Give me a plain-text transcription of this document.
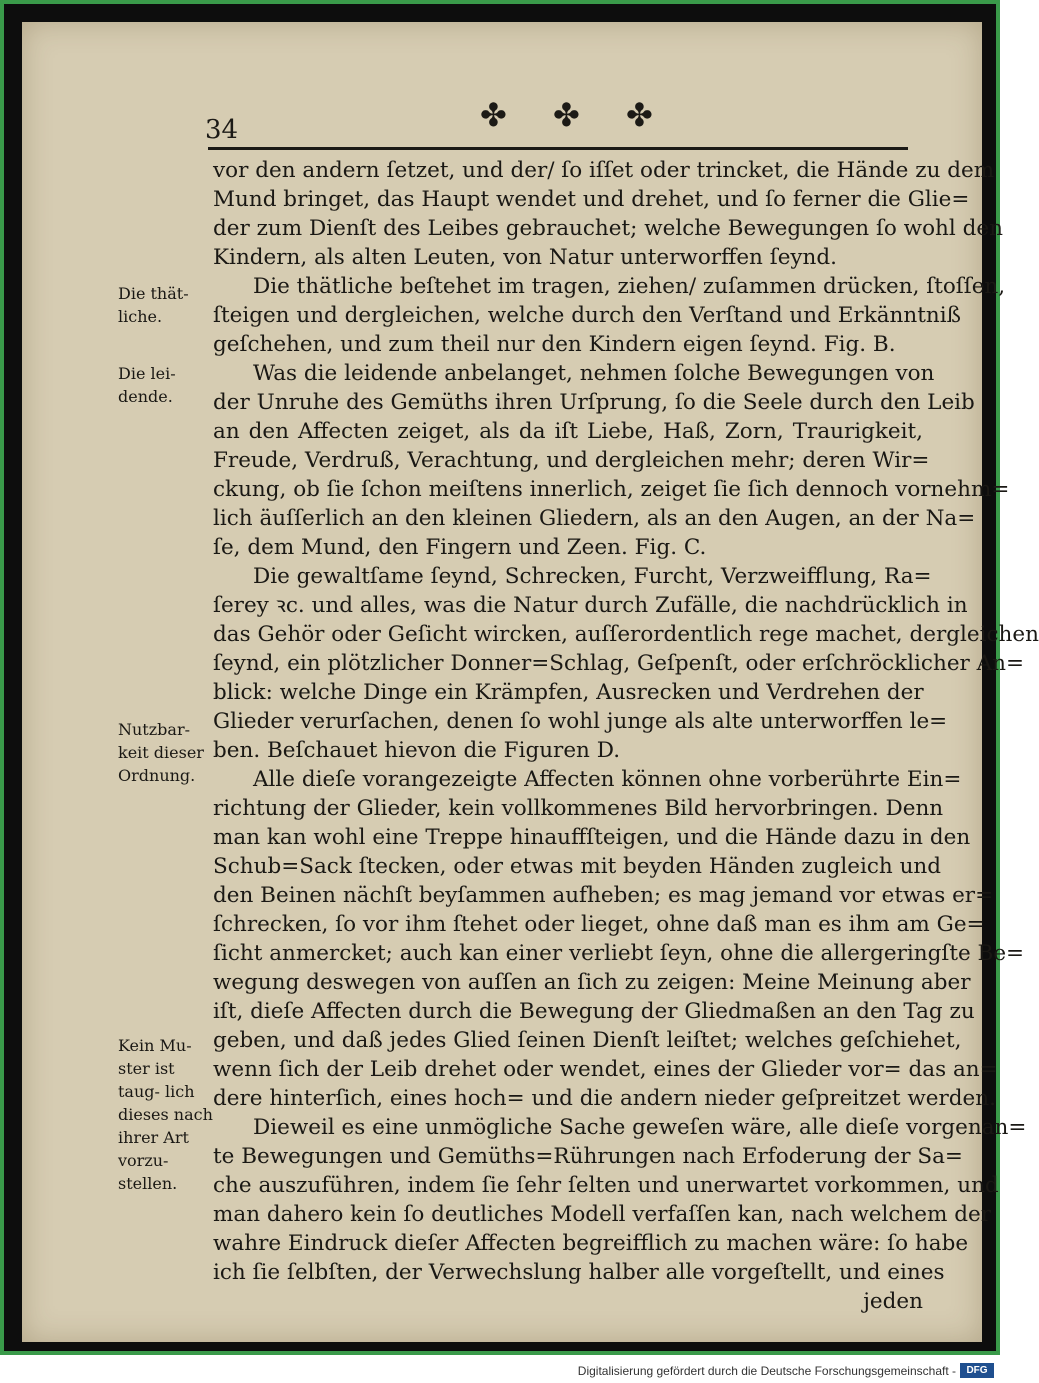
34	✤ ✤ ✤
vor den andern ſetzet, und der/ ſo iſſet oder trincket, die Hände zu dem
Mund bringet, das Haupt wendet und drehet, und ſo ferner die Glie=
der zum Dienſt des Leibes gebrauchet; welche Bewegungen ſo wohl den
Kindern, als alten Leuten, von Natur unterworffen ſeynd.
Die thätliche beſtehet im tragen, ziehen/ zuſammen drücken, ſtoſſen,
ſteigen und dergleichen, welche durch den Verſtand und Erkänntniß
geſchehen, und zum theil nur den Kindern eigen ſeynd. Fig. B.
Was die leidende anbelanget, nehmen ſolche Bewegungen von
der Unruhe des Gemüths ihren Urſprung, ſo die Seele durch den Leib
an den Affecten zeiget, als da iſt Liebe, Haß, Zorn, Traurigkeit,
Freude, Verdruß, Verachtung, und dergleichen mehr; deren Wir=
ckung, ob ſie ſchon meiſtens innerlich, zeiget ſie ſich dennoch vornehm=
lich äuſſerlich an den kleinen Gliedern, als an den Augen, an der Na=
ſe, dem Mund, den Fingern und Zeen. Fig. C.
Die gewaltſame ſeynd, Schrecken, Furcht, Verzweifflung, Ra=
ſerey ꝛc. und alles, was die Natur durch Zufälle, die nachdrücklich in
das Gehör oder Geſicht wircken, auſſerordentlich rege machet, dergleichen
ſeynd, ein plötzlicher Donner=Schlag, Geſpenſt, oder erſchröcklicher An=
blick: welche Dinge ein Krämpfen, Ausrecken und Verdrehen der
Glieder verurſachen, denen ſo wohl junge als alte unterworffen le=
ben. Beſchauet hievon die Figuren D.
Alle dieſe vorangezeigte Affecten können ohne vorberührte Ein=
richtung der Glieder, kein vollkommenes Bild hervorbringen. Denn
man kan wohl eine Treppe hinauffſteigen, und die Hände dazu in den
Schub=Sack ſtecken, oder etwas mit beyden Händen zugleich und
den Beinen nächſt beyſammen aufheben; es mag jemand vor etwas er=
ſchrecken, ſo vor ihm ſtehet oder lieget, ohne daß man es ihm am Ge=
ſicht anmercket; auch kan einer verliebt ſeyn, ohne die allergeringſte Be=
wegung deswegen von auſſen an ſich zu zeigen: Meine Meinung aber
iſt, dieſe Affecten durch die Bewegung der Gliedmaßen an den Tag zu
geben, und daß jedes Glied ſeinen Dienſt leiſtet; welches geſchiehet,
wenn ſich der Leib drehet oder wendet, eines der Glieder vor= das an=
dere hinterſich, eines hoch= und die andern nieder geſpreitzet werden.
Dieweil es eine unmögliche Sache geweſen wäre, alle dieſe vorgenan=
te Bewegungen und Gemüths=Rührungen nach Erfoderung der Sa=
che auszuführen, indem ſie ſehr ſelten und unerwartet vorkommen, und
man dahero kein ſo deutliches Modell verfaſſen kan, nach welchem der
wahre Eindruck dieſer Affecten begreifflich zu machen wäre: ſo habe
ich ſie ſelbſten, der Verwechslung halber alle vorgeſtellt, und eines
jeden
Die thät- liche.
Die lei- dende.
Nutzbar- keit dieser Ordnung.
Kein Mu- ster ist taug- lich dieses nach ihrer Art vorzu- stellen.
Digitalisierung gefördert durch die Deutsche Forschungsgemeinschaft -	DFG
